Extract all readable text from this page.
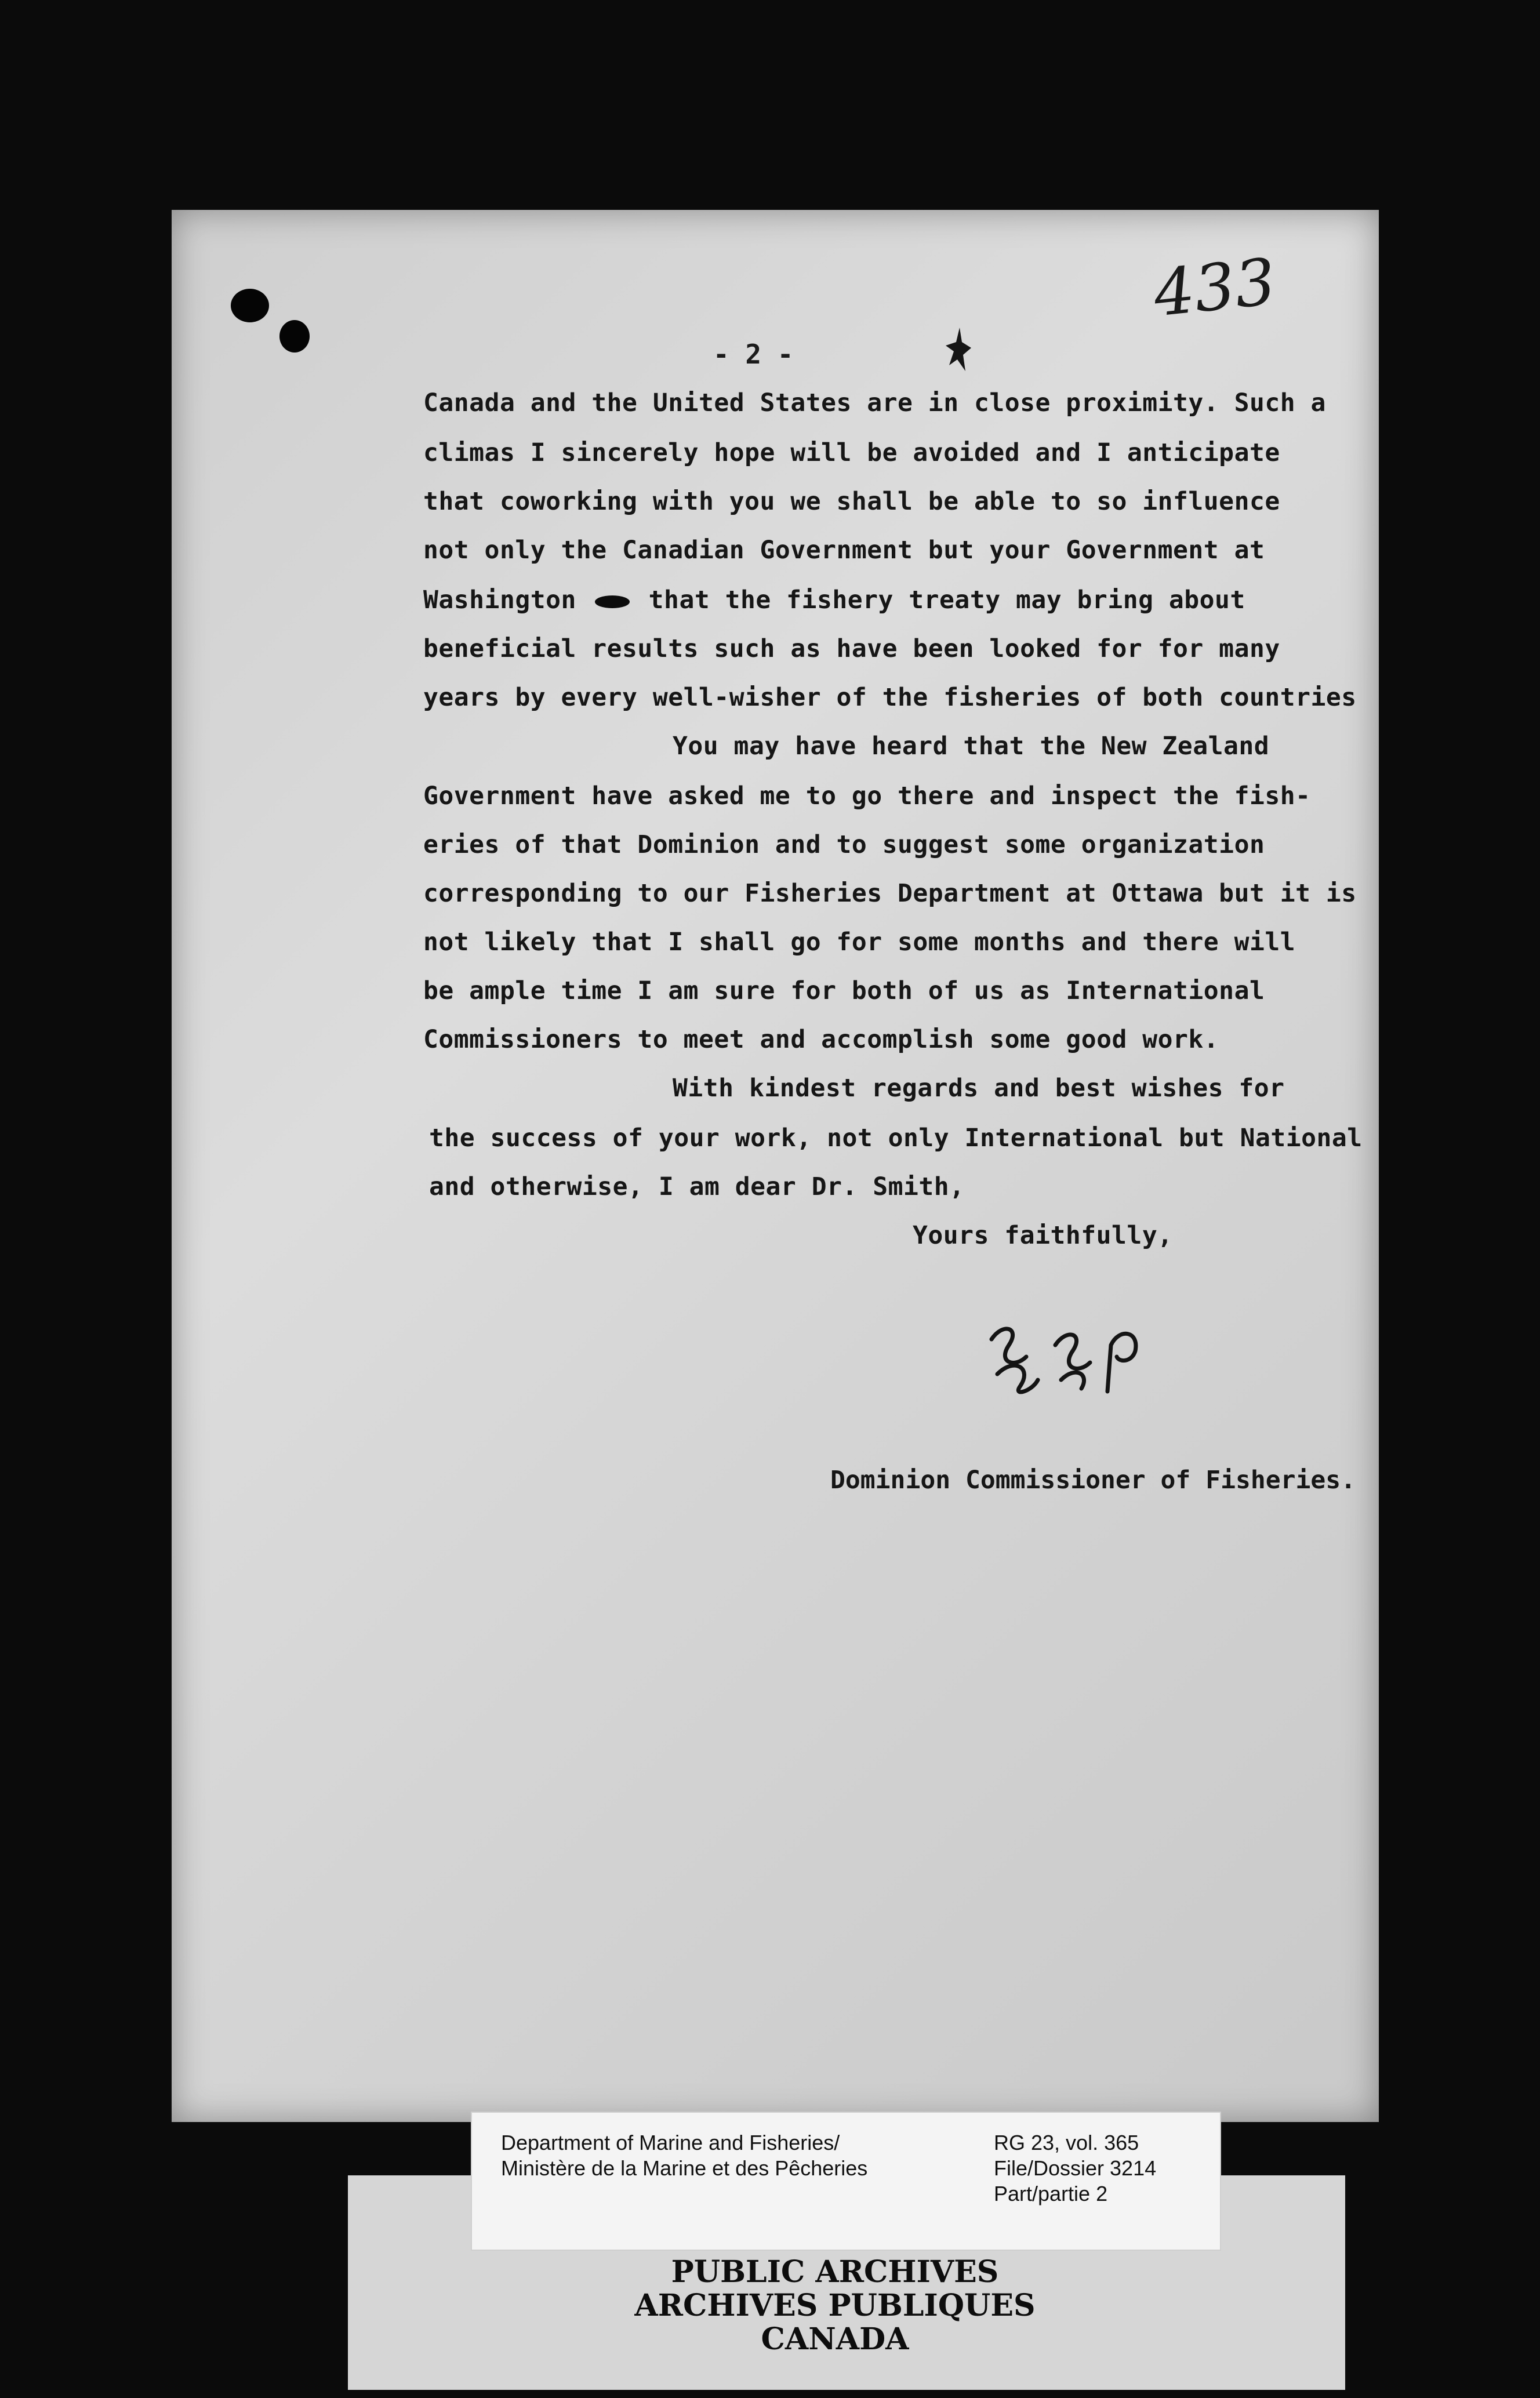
433
- 2 -
Canada and the United States are in close proximity. Such a
climas I sincerely hope will be avoided and I anticipate
that coworking with you we shall be able to so influence
not only the Canadian Government but your Government at
Washington	that the fishery treaty may bring about
beneficial results such as have been looked for for many
years by every well-wisher of the fisheries of both countries
You may have heard that the New Zealand
Government have asked me to go there and inspect the fish-
eries of that Dominion and to suggest some organization
corresponding to our Fisheries Department at Ottawa but it is
not likely that I shall go for some months and there will
be ample time I am sure for both of us as International
Commissioners to meet and accomplish some good work.
With kindest regards and best wishes for
the success of your work, not only International but National
and otherwise, I am dear Dr. Smith,
Yours faithfully,
Dominion Commissioner of Fisheries.
Department of Marine and Fisheries/
Ministère de la Marine et des Pêcheries
RG 23, vol. 365
File/Dossier 3214
Part/partie 2
PUBLIC ARCHIVES
ARCHIVES PUBLIQUES
CANADA
